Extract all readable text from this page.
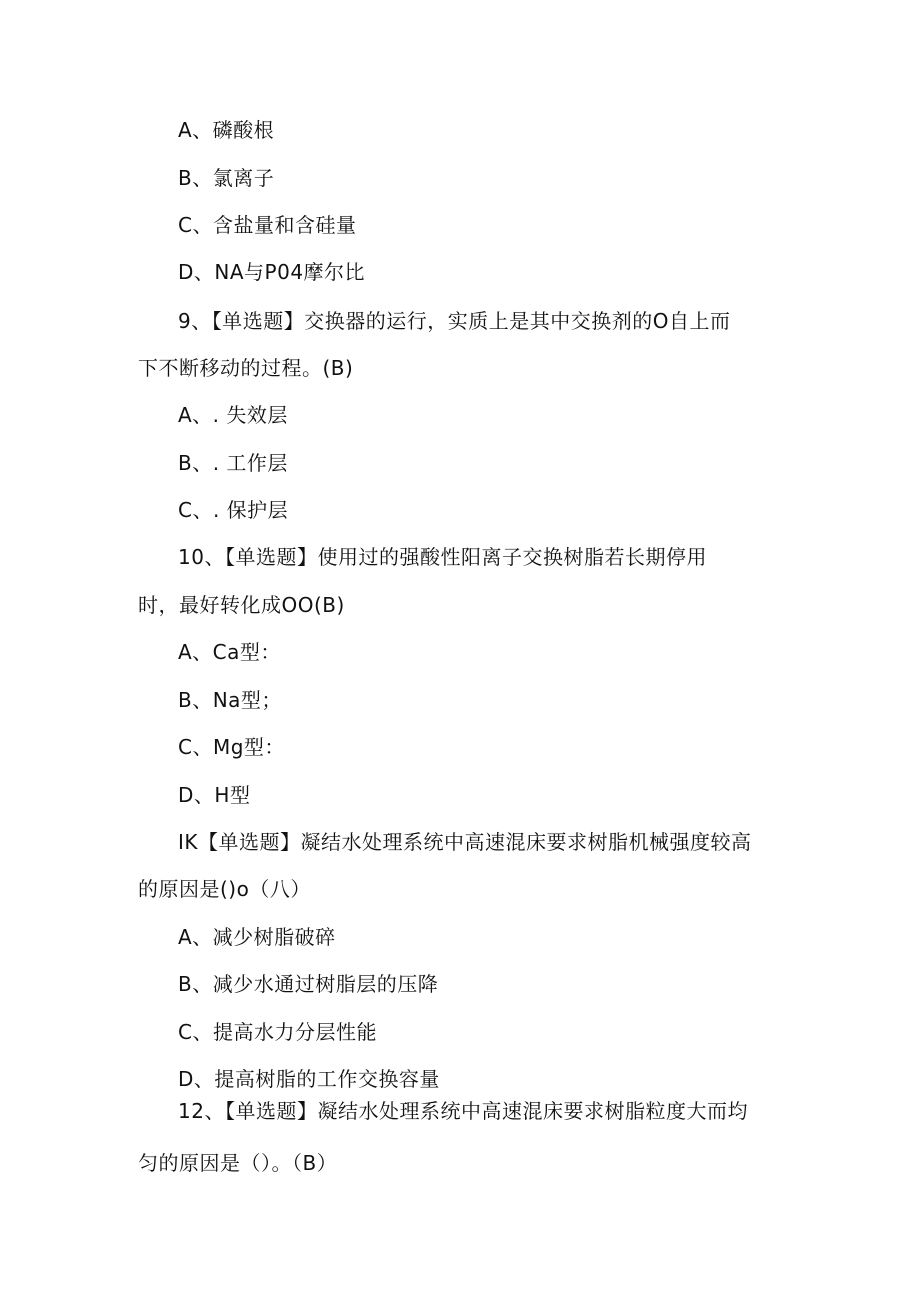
A、磷酸根
B、氯离子
C、含盐量和含硅量
D、NA与P04摩尔比
9、【单选题】交换器的运行，实质上是其中交换剂的O自上而
下不断移动的过程。(B)
A、. 失效层
B、. 工作层
C、. 保护层
10、【单选题】使用过的强酸性阳离子交换树脂若长期停用
时，最好转化成OO(B)
A、Ca型：
B、Na型；
C、Mg型：
D、H型
IK【单选题】凝结水处理系统中高速混床要求树脂机械强度较高
的原因是()o（八）
A、减少树脂破碎
B、减少水通过树脂层的压降
C、提高水力分层性能
D、提高树脂的工作交换容量
12、【单选题】凝结水处理系统中高速混床要求树脂粒度大而均
匀的原因是（）。（B）
